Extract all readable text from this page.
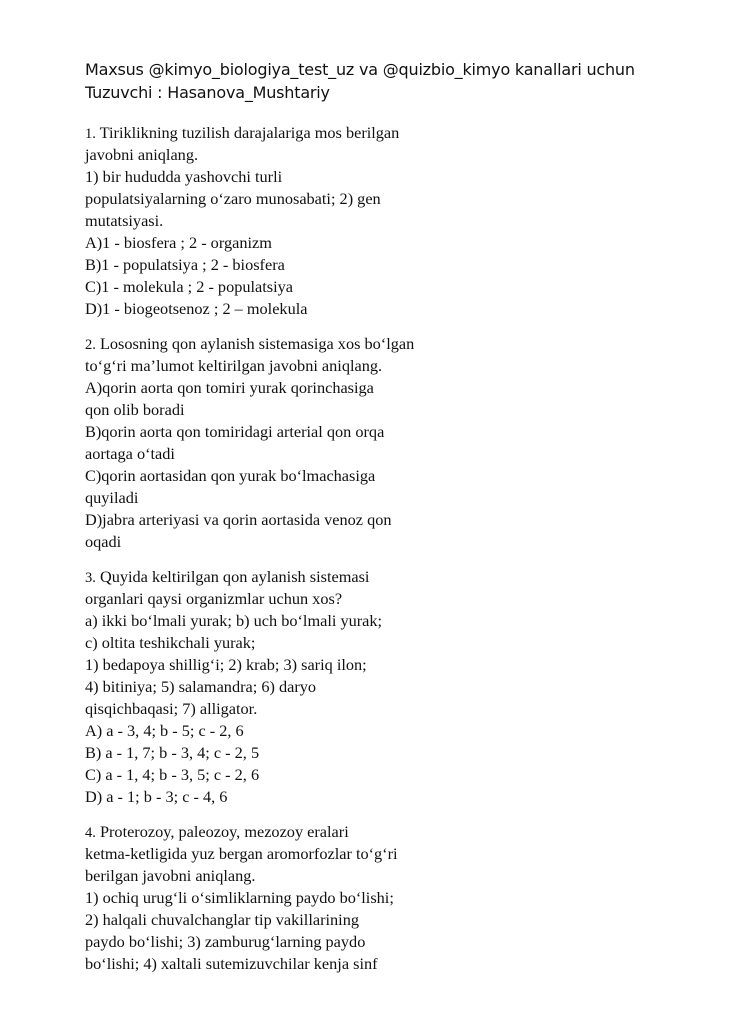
Maxsus @kimyo_biologiya_test_uz va @quizbio_kimyo kanallari uchun
Tuzuvchi : Hasanova_Mushtariy
1. Tiriklikning tuzilish darajalariga mos berilgan
javobni aniqlang.
1) bir hududda yashovchi turli
populatsiyalarning o‘zaro munosabati; 2) gen
mutatsiyasi.
A)1 - biosfera ; 2 - organizm
B)1 - populatsiya ; 2 - biosfera
C)1 - molekula ; 2 - populatsiya
D)1 - biogeotsenoz ; 2 – molekula
2. Lososning qon aylanish sistemasiga xos bo‘lgan
to‘g‘ri ma’lumot keltirilgan javobni aniqlang.
A)qorin aorta qon tomiri yurak qorinchasiga
qon olib boradi
B)qorin aorta qon tomiridagi arterial qon orqa
aortaga o‘tadi
C)qorin aortasidan qon yurak bo‘lmachasiga
quyiladi
D)jabra arteriyasi va qorin aortasida venoz qon
oqadi
3. Quyida keltirilgan qon aylanish sistemasi
organlari qaysi organizmlar uchun xos?
a) ikki bo‘lmali yurak; b) uch bo‘lmali yurak;
c) oltita teshikchali yurak;
1) bedapoya shillig‘i; 2) krab; 3) sariq ilon;
4) bitiniya; 5) salamandra; 6) daryo
qisqichbaqasi; 7) alligator.
A) a - 3, 4; b - 5; c - 2, 6
B) a - 1, 7; b - 3, 4; c - 2, 5
C) a - 1, 4; b - 3, 5; c - 2, 6
D) a - 1; b - 3; c - 4, 6
4. Proterozoy, paleozoy, mezozoy eralari
ketma-ketligida yuz bergan aromorfozlar to‘g‘ri
berilgan javobni aniqlang.
1) ochiq urug‘li o‘simliklarning paydo bo‘lishi;
2) halqali chuvalchanglar tip vakillarining
paydo bo‘lishi; 3) zamburug‘larning paydo
bo‘lishi; 4) xaltali sutemizuvchilar kenja sinf
